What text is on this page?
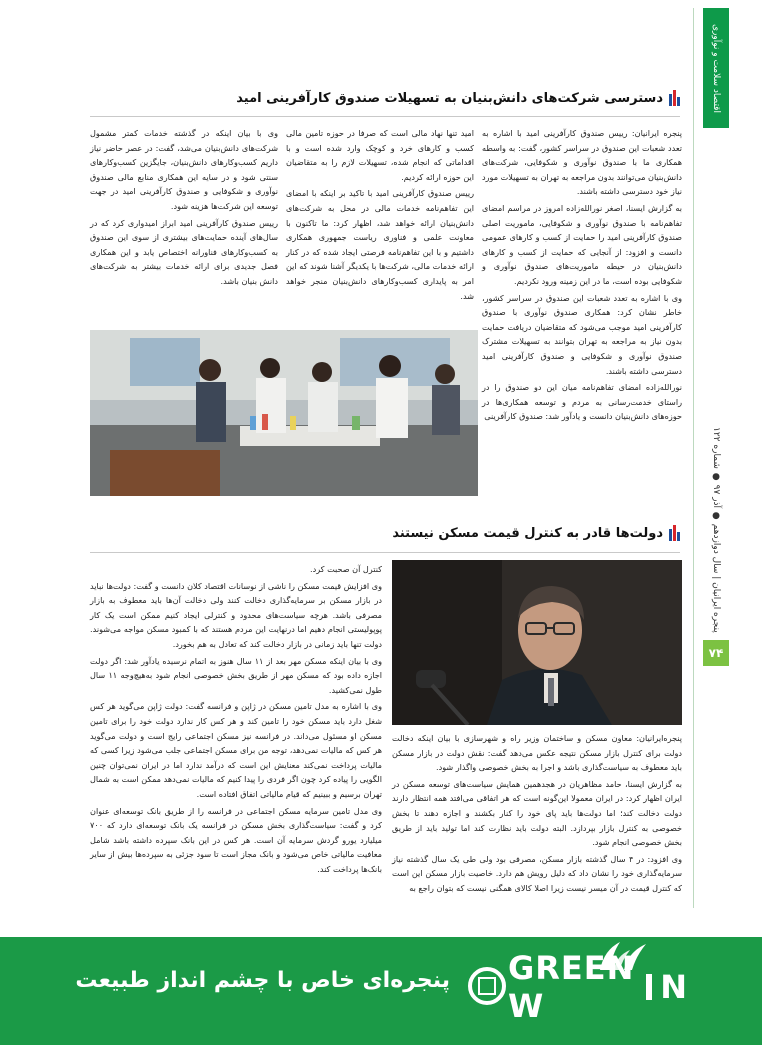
اقتصاد سلامت و نوآوری
پنجره ایرانیان | سال دوازدهم ● آذر ۹۷ ● شماره ۱۲۲
۷۴
دسترسی شرکت‌های دانش‌بنیان به تسهیلات صندوق کارآفرینی امید

پنجره ایرانیان: رییس صندوق کارآفرینی امید با اشاره به تعدد شعبات این صندوق در سراسر کشور، گفت: به واسطه همکاری ما با صندوق نوآوری و شکوفایی، شرکت‌های دانش‌بنیان می‌توانند بدون مراجعه به تهران به تسهیلات مورد نیاز خود دسترسی داشته باشند.

به گزارش ایسنا، اصغر نورالله‌زاده امروز در مراسم امضای تفاهم‌نامه با صندوق نوآوری و شکوفایی، ماموریت اصلی صندوق کارآفرینی امید را حمایت از کسب و کارهای عمومی دانست و افزود: از آنجایی که حمایت از کسب و کارهای دانش‌بنیان در حیطه ماموریت‌های صندوق نوآوری و شکوفایی بوده است، ما در این زمینه ورود نکردیم.

وی با اشاره به تعدد شعبات این صندوق در سراسر کشور، خاطر نشان کرد: همکاری صندوق نوآوری با صندوق کارآفرینی امید موجب می‌شود که متقاضیان دریافت حمایت بدون نیاز به مراجعه به تهران بتوانند به تسهیلات مشترک صندوق نوآوری و شکوفایی و صندوق کارآفرینی امید دسترسی داشته باشند.

نورالله‌زاده امضای تفاهم‌نامه میان این دو صندوق را در راستای خدمت‌رسانی به مردم و توسعه همکاری‌ها در حوزه‌های دانش‌بنیان دانست و یادآور شد: صندوق کارآفرینی

امید تنها نهاد مالی است که صرفا در حوزه تامین مالی کسب و کارهای خرد و کوچک وارد شده است و با اقداماتی که انجام شده، تسهیلات لازم را به متقاضیان این حوزه ارائه کردیم.

رییس صندوق کارآفرینی امید با تاکید بر اینکه با امضای این تفاهم‌نامه خدمات مالی در محل به شرکت‌های دانش‌بنیان ارائه خواهد شد، اظهار کرد: ما تاکنون با معاونت علمی و فناوری ریاست جمهوری همکاری داشتیم و با این تفاهم‌نامه فرصتی ایجاد شده که در کنار ارائه خدمات مالی، شرکت‌ها با یکدیگر آشنا شوند که این امر به پایداری کسب‌وکارهای دانش‌بنیان منجر خواهد شد.

وی با بیان اینکه در گذشته خدمات کمتر مشمول شرکت‌های دانش‌بنیان می‌شد، گفت: در عصر حاضر نیاز داریم کسب‌وکارهای دانش‌بنیان، جایگزین کسب‌وکارهای سنتی شود و در سایه این همکاری منابع مالی صندوق نوآوری و شکوفایی و صندوق کارآفرینی امید در جهت توسعه این شرکت‌ها هزینه شود.

رییس صندوق کارآفرینی امید ابراز امیدواری کرد که در سال‌های آینده حمایت‌های بیشتری از سوی این صندوق به کسب‌وکارهای فناورانه اختصاص یابد و این همکاری فصل جدیدی برای ارائه خدمات بیشتر به شرکت‌های دانش بنیان باشد.

دولت‌ها قادر به کنترل قیمت مسکن نیستند

پنجره‌ایرانیان: معاون مسکن و ساختمان وزیر راه و شهرسازی با بیان اینکه دخالت دولت برای کنترل بازار مسکن نتیجه عکس می‌دهد گفت: نقش دولت در بازار مسکن باید معطوف به سیاست‌گذاری باشد و اجرا به بخش خصوصی واگذار شود.

به گزارش ایسنا، حامد مظاهریان در هجدهمین همایش سیاست‌های توسعه مسکن در ایران اظهار کرد: در ایران معمولا این‌گونه است که هر اتفاقی می‌افتد همه انتظار دارند دولت دخالت کند؛ اما دولت‌ها باید پای خود را کنار بکشند و اجازه دهند تا بخش خصوصی به کنترل بازار بپردازد. البته دولت باید نظارت کند اما تولید باید از طریق بخش خصوصی انجام شود.

وی افزود: در ۴ سال گذشته بازار مسکن، مصرفی بود ولی طی یک سال گذشته نیاز سرمایه‌گذاری خود را نشان داد که دلیل رویش هم دارد. خاصیت بازار مسکن این است که کنترل قیمت در آن میسر نیست زیرا اصلا کالای همگنی نیست که بتوان راجع به

کنترل آن صحبت کرد.

وی افزایش قیمت مسکن را ناشی از نوسانات اقتصاد کلان دانست و گفت: دولت‌ها نباید در بازار مسکن بر سرمایه‌گذاری دخالت کنند ولی دخالت آن‌ها باید معطوف به بازار مصرفی باشد. هرچه سیاست‌های محدود و کنترلی ایجاد کنیم ممکن است یک کار پوپولیستی انجام دهیم اما درنهایت این مردم هستند که با کمبود مسکن مواجه می‌شوند. دولت تنها باید زمانی در بازار دخالت کند که تعادل به هم بخورد.

وی با بیان اینکه مسکن مهر بعد از ۱۱ سال هنوز به اتمام نرسیده یادآور شد: اگر دولت اجازه داده بود که مسکن مهر از طریق بخش خصوصی انجام شود به‌هیچ‌وجه ۱۱ سال طول نمی‌کشید.

وی با اشاره به مدل تامین مسکن در ژاپن و فرانسه گفت: دولت ژاپن می‌گوید هر کس شغل دارد باید مسکن خود را تامین کند و هر کس کار ندارد دولت خود را برای تامین مسکن او مسئول می‌داند. در فرانسه نیز مسکن اجتماعی رایج است و دولت می‌گوید هر کس که مالیات نمی‌دهد، توجه من برای مسکن اجتماعی جلب می‌شود زیرا کسی که مالیات پرداخت نمی‌کند معنایش این است که درآمد ندارد اما در ایران نمی‌توان چنین الگویی را پیاده کرد چون اگر فردی را پیدا کنیم که مالیات نمی‌دهد ممکن است به شمال تهران برسیم و ببینیم که قیام مالیاتی اتفاق افتاده است.

وی مدل تامین سرمایه مسکن اجتماعی در فرانسه را از طریق بانک توسعه‌ای عنوان کرد و گفت: سیاست‌گذاری بخش مسکن در فرانسه یک بانک توسعه‌ای دارد که ۷۰۰ میلیارد یورو گردش سرمایه آن است. هر کس در این بانک سپرده داشته باشد شامل معافیت مالیاتی خاص می‌شود و بانک مجاز است تا سود جزئی به سپرده‌ها بیش از سایر بانک‌ها پرداخت کند.

پنجره‌ای خاص با چشم انداز طبیعت GREEN W	N
